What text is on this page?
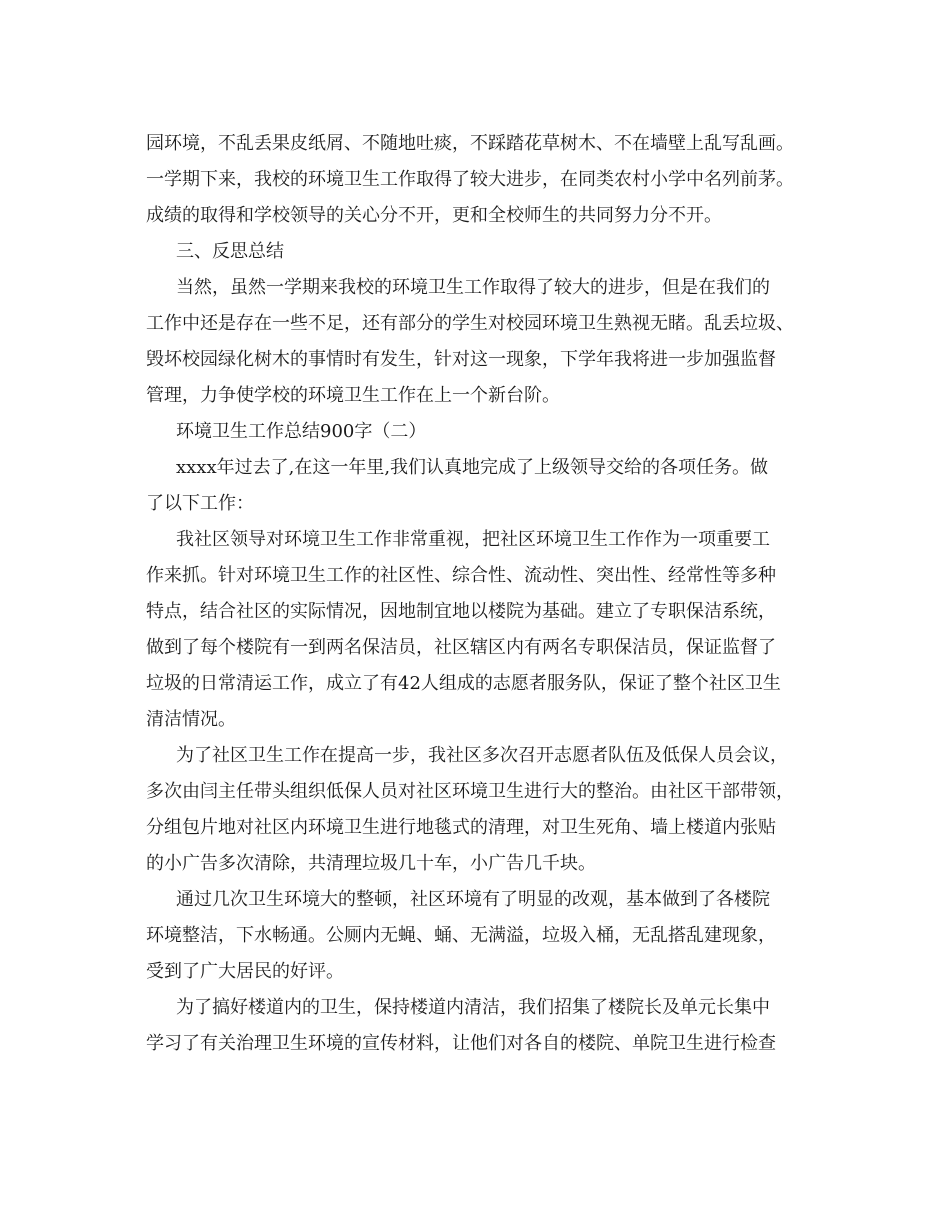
园环境，不乱丢果皮纸屑、不随地吐痰，不踩踏花草树木、不在墙壁上乱写乱画。
一学期下来，我校的环境卫生工作取得了较大进步，在同类农村小学中名列前茅。
成绩的取得和学校领导的关心分不开，更和全校师生的共同努力分不开。
三、反思总结
当然，虽然一学期来我校的环境卫生工作取得了较大的进步，但是在我们的
工作中还是存在一些不足，还有部分的学生对校园环境卫生熟视无睹。乱丢垃圾、
毁坏校园绿化树木的事情时有发生，针对这一现象，下学年我将进一步加强监督
管理，力争使学校的环境卫生工作在上一个新台阶。
环境卫生工作总结900字（二）
xxxx年过去了,在这一年里,我们认真地完成了上级领导交给的各项任务。做
了以下工作：
我社区领导对环境卫生工作非常重视，把社区环境卫生工作作为一项重要工
作来抓。针对环境卫生工作的社区性、综合性、流动性、突出性、经常性等多种
特点，结合社区的实际情况，因地制宜地以楼院为基础。建立了专职保洁系统，
做到了每个楼院有一到两名保洁员，社区辖区内有两名专职保洁员，保证监督了
垃圾的日常清运工作，成立了有42人组成的志愿者服务队，保证了整个社区卫生
清洁情况。
为了社区卫生工作在提高一步，我社区多次召开志愿者队伍及低保人员会议，
多次由闫主任带头组织低保人员对社区环境卫生进行大的整治。由社区干部带领，
分组包片地对社区内环境卫生进行地毯式的清理，对卫生死角、墙上楼道内张贴
的小广告多次清除，共清理垃圾几十车，小广告几千块。
通过几次卫生环境大的整顿，社区环境有了明显的改观，基本做到了各楼院
环境整洁，下水畅通。公厕内无蝇、蛹、无满溢，垃圾入桶，无乱搭乱建现象，
受到了广大居民的好评。
为了搞好楼道内的卫生，保持楼道内清洁，我们招集了楼院长及单元长集中
学习了有关治理卫生环境的宣传材料，让他们对各自的楼院、单院卫生进行检查
